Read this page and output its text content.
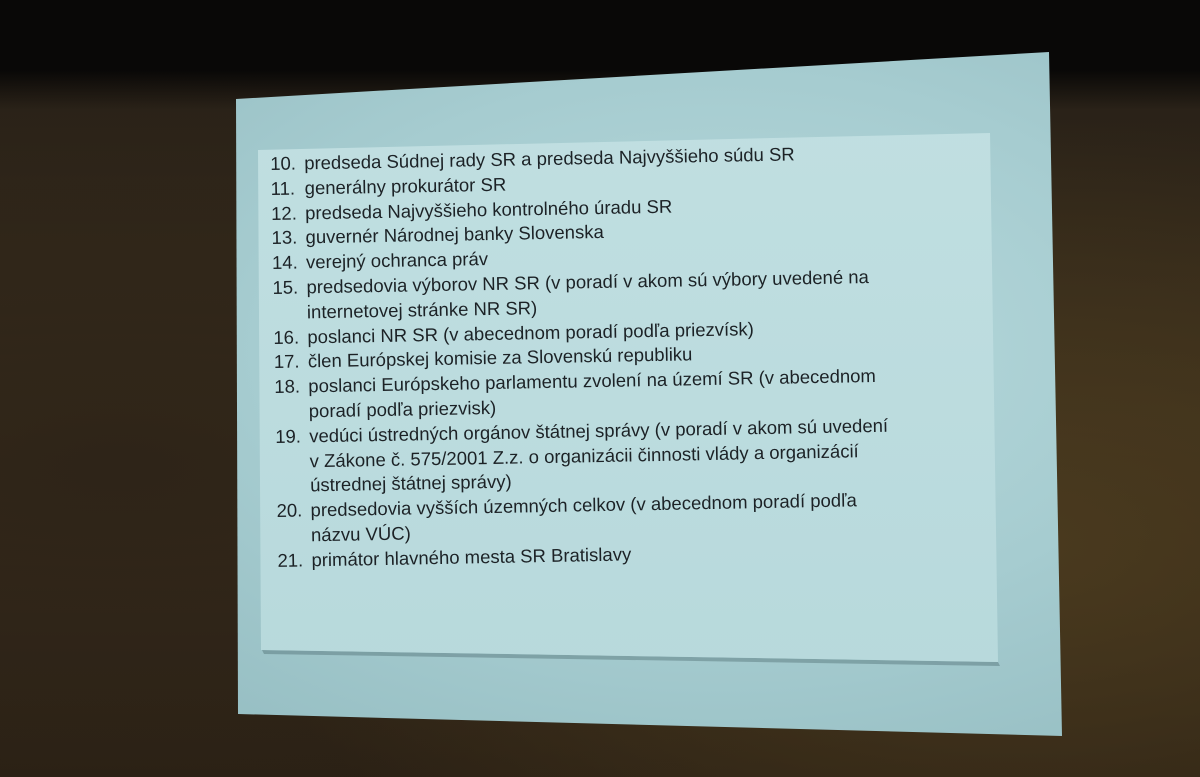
10. predseda Súdnej rady SR a predseda Najvyššieho súdu SR
11. generálny prokurátor SR
12. predseda Najvyššieho kontrolného úradu SR
13. guvernér Národnej banky Slovenska
14. verejný ochranca práv
15. predsedovia výborov NR SR (v poradí v akom sú výbory uvedené na
internetovej stránke NR SR)
16. poslanci NR SR (v abecednom poradí podľa priezvísk)
17. člen Európskej komisie za Slovenskú republiku
18. poslanci Európskeho parlamentu zvolení na území SR (v abecednom
poradí podľa priezvisk)
19. vedúci ústredných orgánov štátnej správy (v poradí v akom sú uvedení
v Zákone č. 575/2001 Z.z. o organizácii činnosti vlády a organizácií
ústrednej štátnej správy)
20. predsedovia vyšších územných celkov (v abecednom poradí podľa
názvu VÚC)
21. primátor hlavného mesta SR Bratislavy
